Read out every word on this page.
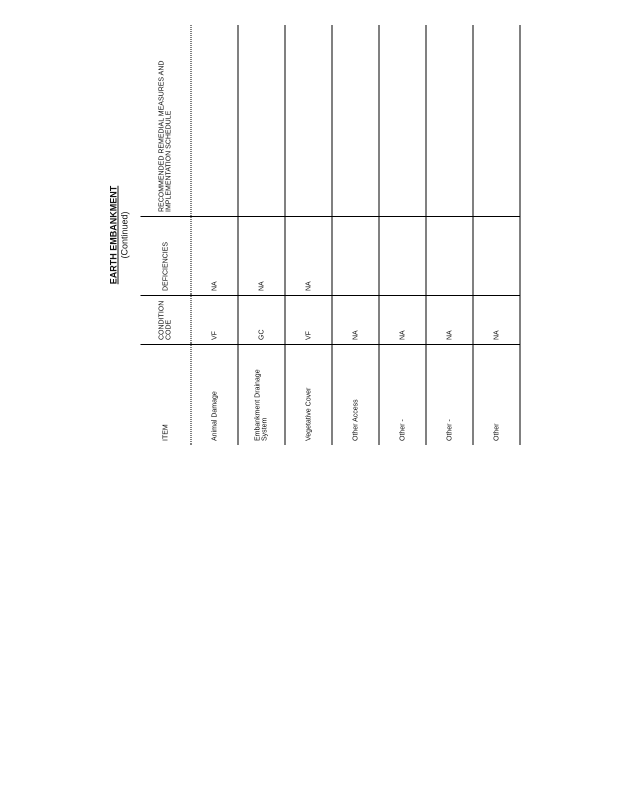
EARTH EMBANKMENT (Continued)
ITEM	CONDITION CODE	DEFICIENCIES	RECOMMENDED REMEDIAL MEASURES AND IMPLEMENTATION SCHEDULE
Animal Damage	VF	NA	
Embankment Drainage System	GC	NA	
Vegetative Cover	VF	NA	
Other Access	NA		
Other -	NA		
Other -	NA		
Other	NA		
